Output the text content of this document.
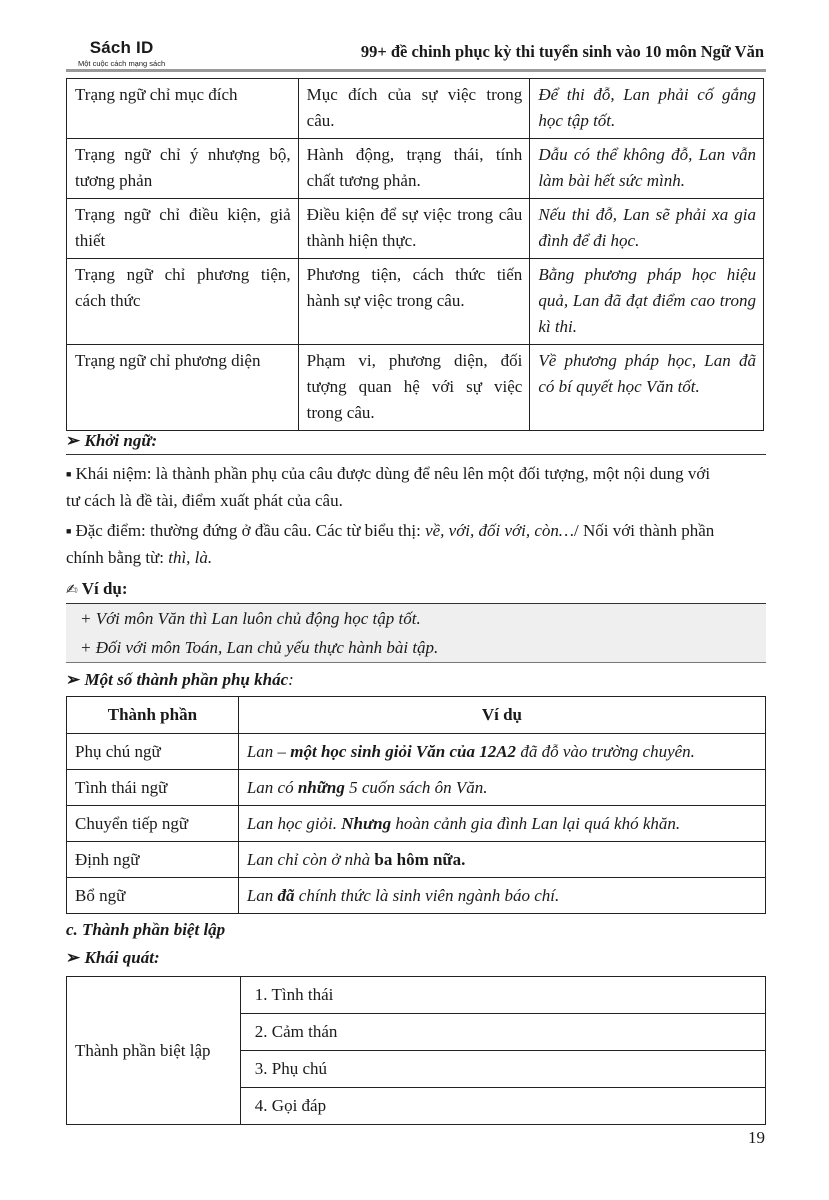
Sách ID
Một cuộc cách mạng sách
99+ đề chinh phục kỳ thi tuyển sinh vào 10 môn Ngữ Văn
Trạng ngữ chỉ mục đích	Mục đích của sự việc trong câu.	Để thi đỗ, Lan phải cố gắng học tập tốt.
Trạng ngữ chỉ ý nhượng bộ, tương phản	Hành động, trạng thái, tính chất tương phản.	Dẫu có thể không đỗ, Lan vẫn làm bài hết sức mình.
Trạng ngữ chỉ điều kiện, giả thiết	Điều kiện để sự việc trong câu thành hiện thực.	Nếu thi đỗ, Lan sẽ phải xa gia đình để đi học.
Trạng ngữ chỉ phương tiện, cách thức	Phương tiện, cách thức tiến hành sự việc trong câu.	Bằng phương pháp học hiệu quả, Lan đã đạt điểm cao trong kì thi.
Trạng ngữ chỉ phương diện	Phạm vi, phương diện, đối tượng quan hệ với sự việc trong câu.	Về phương pháp học, Lan đã có bí quyết học Văn tốt.
➢ Khởi ngữ:
■ Khái niệm: là thành phần phụ của câu được dùng để nêu lên một đối tượng, một nội dung với
tư cách là đề tài, điểm xuất phát của câu.
■ Đặc điểm: thường đứng ở đầu câu. Các từ biểu thị: về, với, đối với, còn…/ Nối với thành phần
chính bằng từ: thì, là.
✍ Ví dụ:
+ Với môn Văn thì Lan luôn chủ động học tập tốt.
+ Đối với môn Toán, Lan chủ yếu thực hành bài tập.
➢ Một số thành phần phụ khác:
Thành phần	Ví dụ
Phụ chú ngữ	Lan – một học sinh giỏi Văn của 12A2 đã đỗ vào trường chuyên.
Tình thái ngữ	Lan có những 5 cuốn sách ôn Văn.
Chuyển tiếp ngữ	Lan học giỏi. Nhưng hoàn cảnh gia đình Lan lại quá khó khăn.
Định ngữ	Lan chỉ còn ở nhà ba hôm nữa.
Bổ ngữ	Lan đã chính thức là sinh viên ngành báo chí.
c. Thành phần biệt lập
➢ Khái quát:
Thành phần biệt lập	1. Tình thái
2. Cảm thán
3. Phụ chú
4. Gọi đáp
19
